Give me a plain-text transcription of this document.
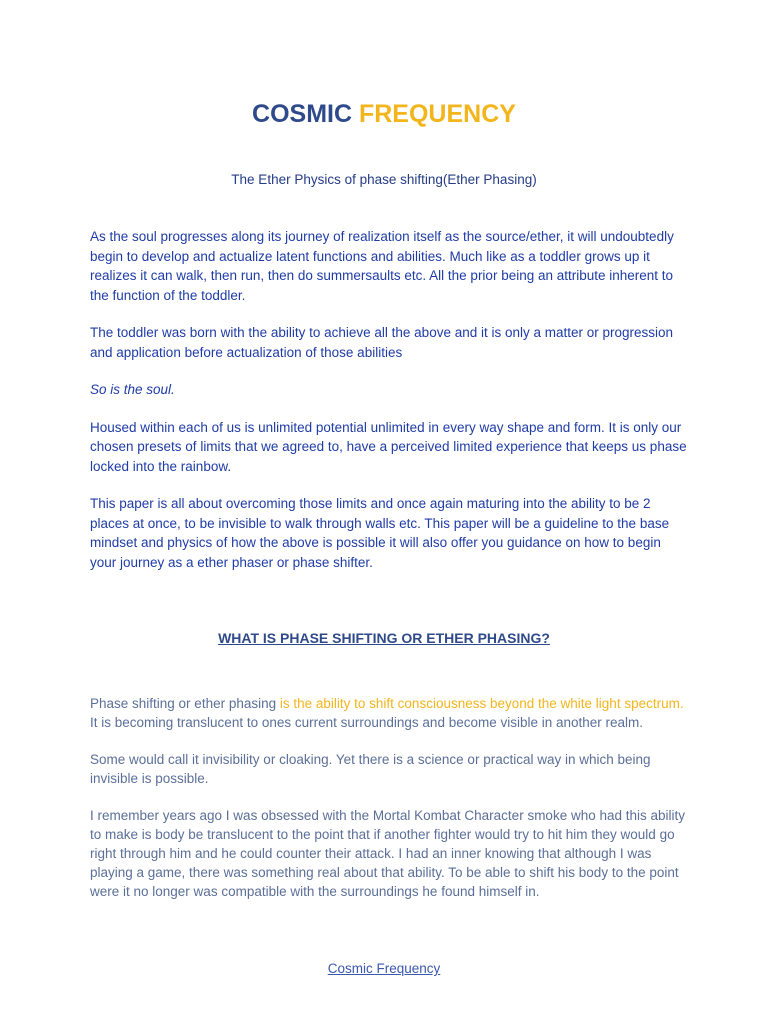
COSMIC FREQUENCY
The Ether Physics of phase shifting(Ether Phasing)

As the soul progresses along its journey of realization itself as the source/ether, it will undoubtedly begin to develop and actualize latent functions and abilities. Much like as a toddler grows up it realizes it can walk, then run, then do summersaults etc. All the prior being an attribute inherent to the function of the toddler.

The toddler was born with the ability to achieve all the above and it is only a matter or progression and application before actualization of those abilities

So is the soul.

Housed within each of us is unlimited potential unlimited in every way shape and form. It is only our chosen presets of limits that we agreed to, have a perceived limited experience that keeps us phase locked into the rainbow.

This paper is all about overcoming those limits and once again maturing into the ability to be 2 places at once, to be invisible to walk through walls etc. This paper will be a guideline to the base mindset and physics of how the above is possible it will also offer you guidance on how to begin your journey as a ether phaser or phase shifter.

WHAT IS PHASE SHIFTING OR ETHER PHASING?

Phase shifting or ether phasing is the ability to shift consciousness beyond the white light spectrum. It is becoming translucent to ones current surroundings and become visible in another realm.

Some would call it invisibility or cloaking. Yet there is a science or practical way in which being invisible is possible.

I remember years ago I was obsessed with the Mortal Kombat Character smoke who had this ability to make is body be translucent to the point that if another fighter would try to hit him they would go right through him and he could counter their attack. I had an inner knowing that although I was playing a game, there was something real about that ability. To be able to shift his body to the point were it no longer was compatible with the surroundings he found himself in.

Cosmic Frequency
